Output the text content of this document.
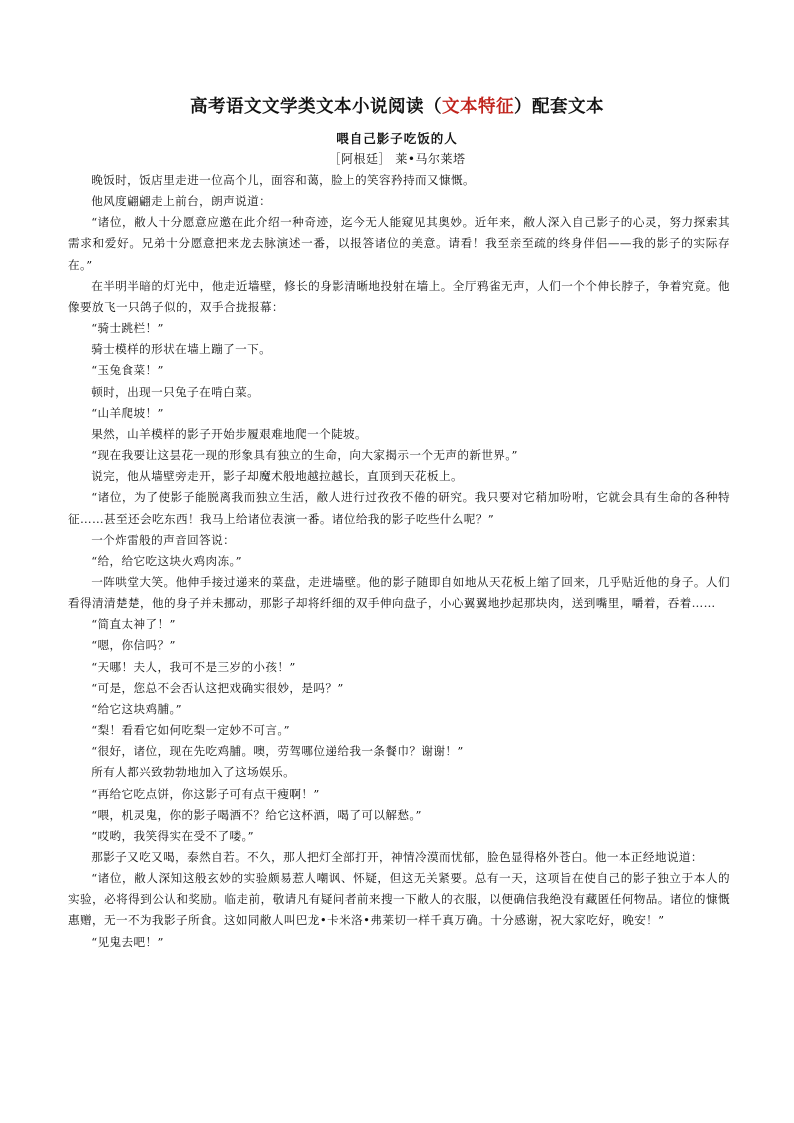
高考语文文学类文本小说阅读（文本特征）配套文本
喂自己影子吃饭的人
［阿根廷］ 莱•马尔莱塔

晚饭时，饭店里走进一位高个儿，面容和蔼，脸上的笑容矜持而又慷慨。

他风度翩翩走上前台，朗声说道：

“诸位，敝人十分愿意应邀在此介绍一种奇迹，迄今无人能窥见其奥妙。近年来，敝人深入自己影子的心灵，努力探索其需求和爱好。兄弟十分愿意把来龙去脉演述一番，以报答诸位的美意。请看！我至亲至疏的终身伴侣——我的影子的实际存在。”

在半明半暗的灯光中，他走近墙壁，修长的身影清晰地投射在墙上。全厅鸦雀无声，人们一个个伸长脖子，争着究竟。他像要放飞一只鸽子似的，双手合拢报幕：

“骑士跳栏！”

骑士模样的形状在墙上蹦了一下。

“玉兔食菜！”

顿时，出现一只兔子在啃白菜。

“山羊爬坡！”

果然，山羊模样的影子开始步履艰难地爬一个陡坡。

“现在我要让这昙花一现的形象具有独立的生命，向大家揭示一个无声的新世界。”

说完，他从墙壁旁走开，影子却魔术般地越拉越长，直顶到天花板上。

“诸位，为了使影子能脱离我而独立生活，敝人进行过孜孜不倦的研究。我只要对它稍加吩咐，它就会具有生命的各种特征……甚至还会吃东西！我马上给诸位表演一番。诸位给我的影子吃些什么呢？”

一个炸雷般的声音回答说：

“给，给它吃这块火鸡肉冻。”

一阵哄堂大笑。他伸手接过递来的菜盘，走进墙壁。他的影子随即自如地从天花板上缩了回来，几乎贴近他的身子。人们看得清清楚楚，他的身子并未挪动，那影子却将纤细的双手伸向盘子，小心翼翼地抄起那块肉，送到嘴里，嚼着，吞着……

“简直太神了！”

“嗯，你信吗？”

“天哪！夫人，我可不是三岁的小孩！”

“可是，您总不会否认这把戏确实很妙，是吗？”

“给它这块鸡脯。”

“梨！看看它如何吃梨一定妙不可言。”

“很好，诸位，现在先吃鸡脯。噢，劳驾哪位递给我一条餐巾？谢谢！”

所有人都兴致勃勃地加入了这场娱乐。

“再给它吃点饼，你这影子可有点干瘦啊！”

“喂，机灵鬼，你的影子喝酒不？给它这杯酒，喝了可以解愁。”

“哎哟，我笑得实在受不了喽。”

那影子又吃又喝，泰然自若。不久，那人把灯全部打开，神情冷漠而忧郁，脸色显得格外苍白。他一本正经地说道：

“诸位，敝人深知这般玄妙的实验颇易惹人嘲讽、怀疑，但这无关紧要。总有一天，这项旨在使自己的影子独立于本人的实验，必将得到公认和奖励。临走前，敬请凡有疑问者前来搜一下敝人的衣服，以便确信我绝没有藏匿任何物品。诸位的慷慨惠赠，无一不为我影子所食。这如同敝人叫巴龙•卡米洛•弗莱切一样千真万确。十分感谢，祝大家吃好，晚安！”

“见鬼去吧！”
